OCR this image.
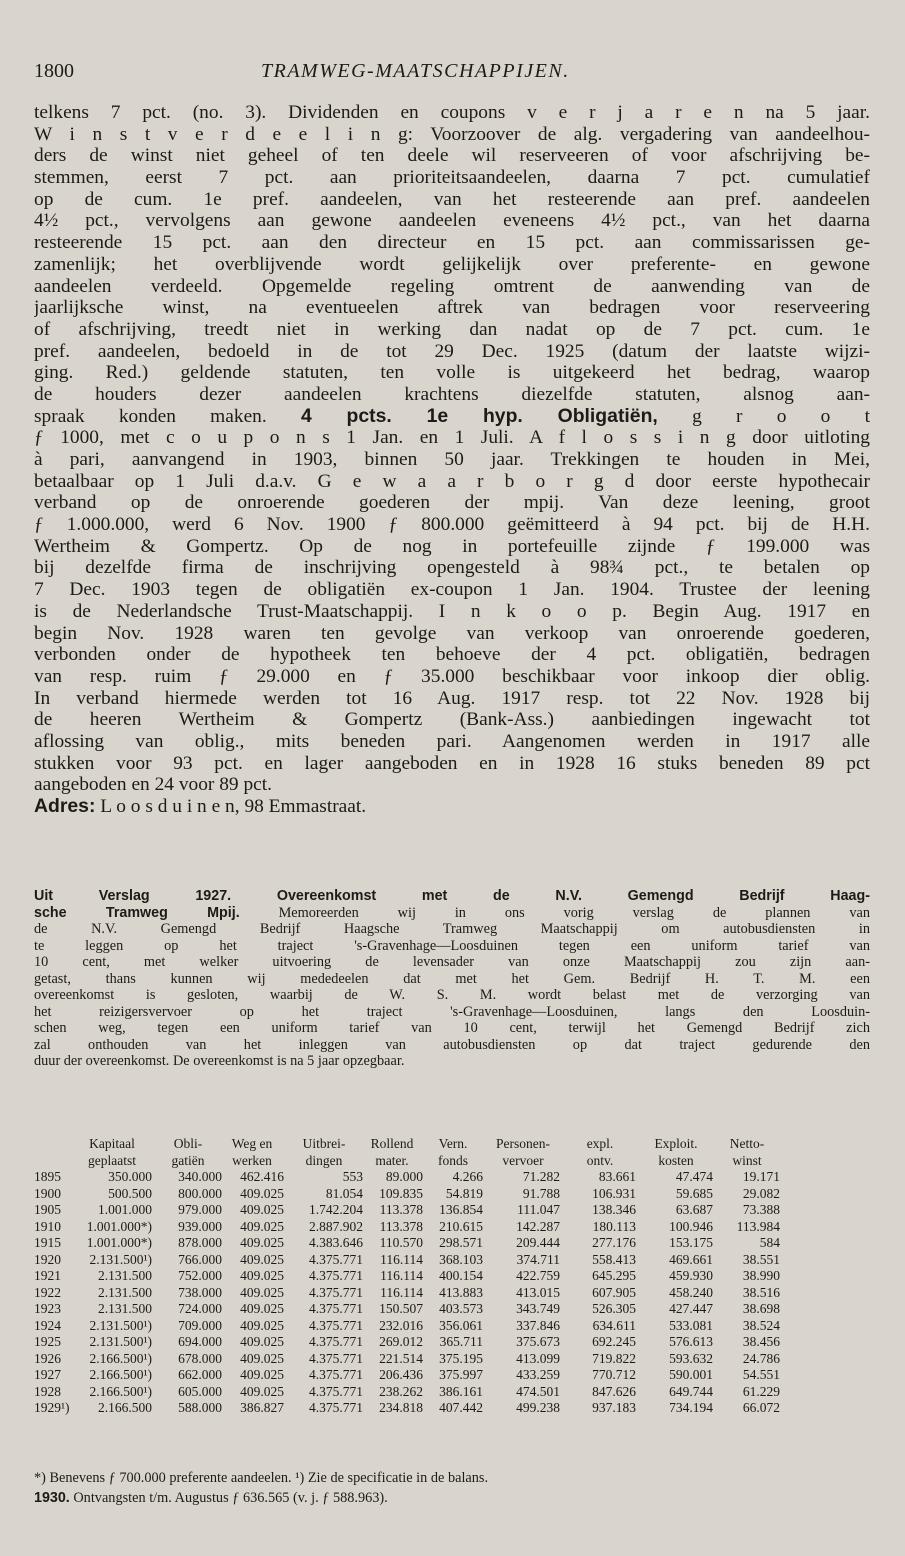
1800	TRAMWEG-MAATSCHAPPIJEN.
telkens 7 pct. (no. 3). Dividenden en coupons v e r j a r e n na 5 jaar.
W i n s t v e r d e e l i n g: Voorzoover de alg. vergadering van aandeelhou-
ders de winst niet geheel of ten deele wil reserveeren of voor afschrijving be-
stemmen, eerst 7 pct. aan prioriteitsaandeelen, daarna 7 pct. cumulatief
op de cum. 1e pref. aandeelen, van het resteerende aan pref. aandeelen
4½ pct., vervolgens aan gewone aandeelen eveneens 4½ pct., van het daarna
resteerende 15 pct. aan den directeur en 15 pct. aan commissarissen ge-
zamenlijk; het overblijvende wordt gelijkelijk over preferente- en gewone
aandeelen verdeeld. Opgemelde regeling omtrent de aanwending van de
jaarlijksche winst, na eventueelen aftrek van bedragen voor reserveering
of afschrijving, treedt niet in werking dan nadat op de 7 pct. cum. 1e
pref. aandeelen, bedoeld in de tot 29 Dec. 1925 (datum der laatste wijzi-
ging. Red.) geldende statuten, ten volle is uitgekeerd het bedrag, waarop
de houders dezer aandeelen krachtens diezelfde statuten, alsnog aan-
spraak konden maken. 4 pcts. 1e hyp. Obligatiën, g r o o t
ƒ 1000, met c o u p o n s 1 Jan. en 1 Juli. A f l o s s i n g door uitloting
à pari, aanvangend in 1903, binnen 50 jaar. Trekkingen te houden in Mei,
betaalbaar op 1 Juli d.a.v. G e w a a r b o r g d door eerste hypothecair
verband op de onroerende goederen der mpij. Van deze leening, groot
ƒ 1.000.000, werd 6 Nov. 1900 ƒ 800.000 geëmitteerd à 94 pct. bij de H.H.
Wertheim & Gompertz. Op de nog in portefeuille zijnde ƒ 199.000 was
bij dezelfde firma de inschrijving opengesteld à 98¾ pct., te betalen op
7 Dec. 1903 tegen de obligatiën ex-coupon 1 Jan. 1904. Trustee der leening
is de Nederlandsche Trust-Maatschappij. I n k o o p. Begin Aug. 1917 en
begin Nov. 1928 waren ten gevolge van verkoop van onroerende goederen,
verbonden onder de hypotheek ten behoeve der 4 pct. obligatiën, bedragen
van resp. ruim ƒ 29.000 en ƒ 35.000 beschikbaar voor inkoop dier oblig.
In verband hiermede werden tot 16 Aug. 1917 resp. tot 22 Nov. 1928 bij
de heeren Wertheim & Gompertz (Bank-Ass.) aanbiedingen ingewacht tot
aflossing van oblig., mits beneden pari. Aangenomen werden in 1917 alle
stukken voor 93 pct. en lager aangeboden en in 1928 16 stuks beneden 89 pct
aangeboden en 24 voor 89 pct.
Adres: L o o s d u i n e n, 98 Emmastraat.
Uit Verslag 1927. Overeenkomst met de N.V. Gemengd Bedrijf Haag-
sche Tramweg Mpij.	Memoreerden wij in ons vorig verslag de plannen van
de N.V. Gemengd Bedrijf Haagsche Tramweg Maatschappij om autobusdiensten in
te leggen op het traject 's-Gravenhage—Loosduinen tegen een uniform tarief van
10 cent, met welker uitvoering de levensader van onze Maatschappij zou zijn aan-
getast, thans kunnen wij mededeelen dat met het Gem. Bedrijf H. T. M. een
overeenkomst is gesloten, waarbij de W. S. M. wordt belast met de verzorging van
het reizigersvervoer op het traject 's-Gravenhage—Loosduinen, langs den Loosduin-
schen weg, tegen een uniform tarief van 10 cent, terwijl het Gemengd Bedrijf zich
zal onthouden van het inleggen van autobusdiensten op dat traject gedurende den
duur der overeenkomst. De overeenkomst is na 5 jaar opzegbaar.
Kapitaal	Obli-	Weg en	Uitbrei-	Rollend	Vern.	Personen-	expl.	Exploit.	Netto-
geplaatst	gatiën	werken	dingen	mater.	fonds	vervoer	ontv.	kosten	winst
1895	350.000	340.000	462.416	553	89.000	4.266	71.282	83.661	47.474	19.171
1900	500.500	800.000	409.025	81.054	109.835	54.819	91.788	106.931	59.685	29.082
1905	1.001.000	979.000	409.025	1.742.204	113.378	136.854	111.047	138.346	63.687	73.388
1910	1.001.000*)	939.000	409.025	2.887.902	113.378	210.615	142.287	180.113	100.946	113.984
1915	1.001.000*)	878.000	409.025	4.383.646	110.570	298.571	209.444	277.176	153.175	584
1920	2.131.500¹)	766.000	409.025	4.375.771	116.114	368.103	374.711	558.413	469.661	38.551
1921	2.131.500	752.000	409.025	4.375.771	116.114	400.154	422.759	645.295	459.930	38.990
1922	2.131.500	738.000	409.025	4.375.771	116.114	413.883	413.015	607.905	458.240	38.516
1923	2.131.500	724.000	409.025	4.375.771	150.507	403.573	343.749	526.305	427.447	38.698
1924	2.131.500¹)	709.000	409.025	4.375.771	232.016	356.061	337.846	634.611	533.081	38.524
1925	2.131.500¹)	694.000	409.025	4.375.771	269.012	365.711	375.673	692.245	576.613	38.456
1926	2.166.500¹)	678.000	409.025	4.375.771	221.514	375.195	413.099	719.822	593.632	24.786
1927	2.166.500¹)	662.000	409.025	4.375.771	206.436	375.997	433.259	770.712	590.001	54.551
1928	2.166.500¹)	605.000	409.025	4.375.771	238.262	386.161	474.501	847.626	649.744	61.229
1929¹)	2.166.500	588.000	386.827	4.375.771	234.818	407.442	499.238	937.183	734.194	66.072
*) Benevens ƒ 700.000 preferente aandeelen. ¹) Zie de specificatie in de balans.
1930. Ontvangsten t/m. Augustus ƒ 636.565 (v. j. ƒ 588.963).
